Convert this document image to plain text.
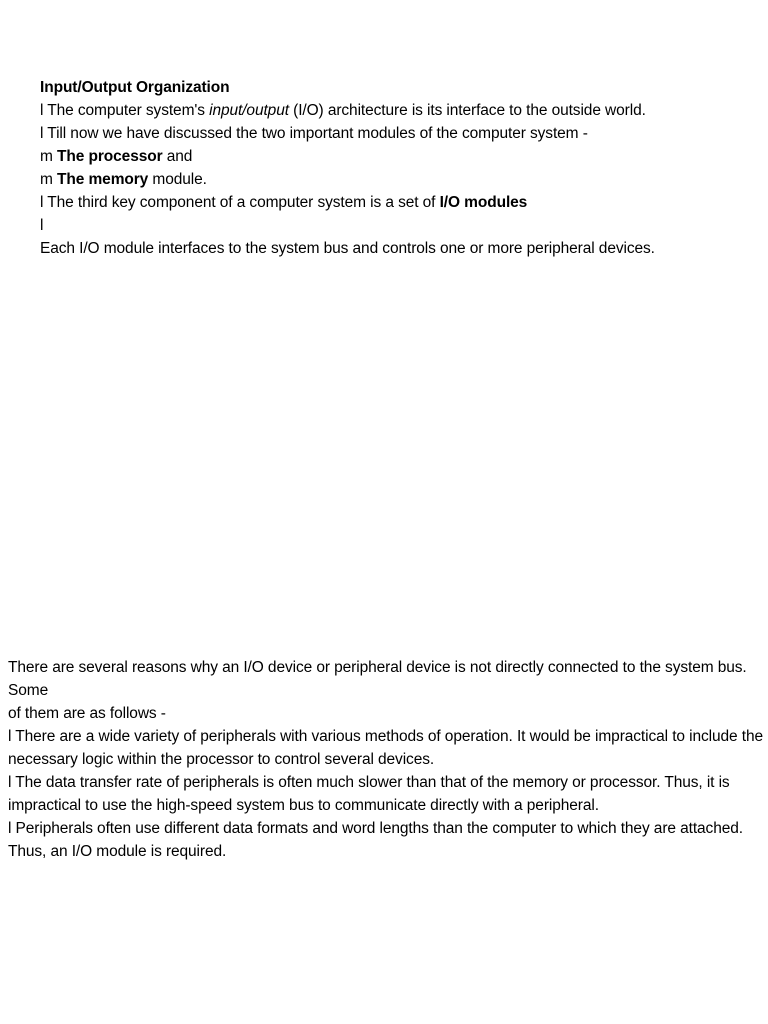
Input/Output Organization
l The computer system's input/output (I/O) architecture is its interface to the outside world.
l Till now we have discussed the two important modules of the computer system -
m The processor and
m The memory module.
l The third key component of a computer system is a set of I/O modules
l
Each I/O module interfaces to the system bus and controls one or more peripheral devices.
There are several reasons why an I/O device or peripheral device is not directly connected to the system bus. Some
of them are as follows -
l There are a wide variety of peripherals with various methods of operation. It would be impractical to include the
necessary logic within the processor to control several devices.
l The data transfer rate of peripherals is often much slower than that of the memory or processor. Thus, it is
impractical to use the high-speed system bus to communicate directly with a peripheral.
l Peripherals often use different data formats and word lengths than the computer to which they are attached.
Thus, an I/O module is required.
